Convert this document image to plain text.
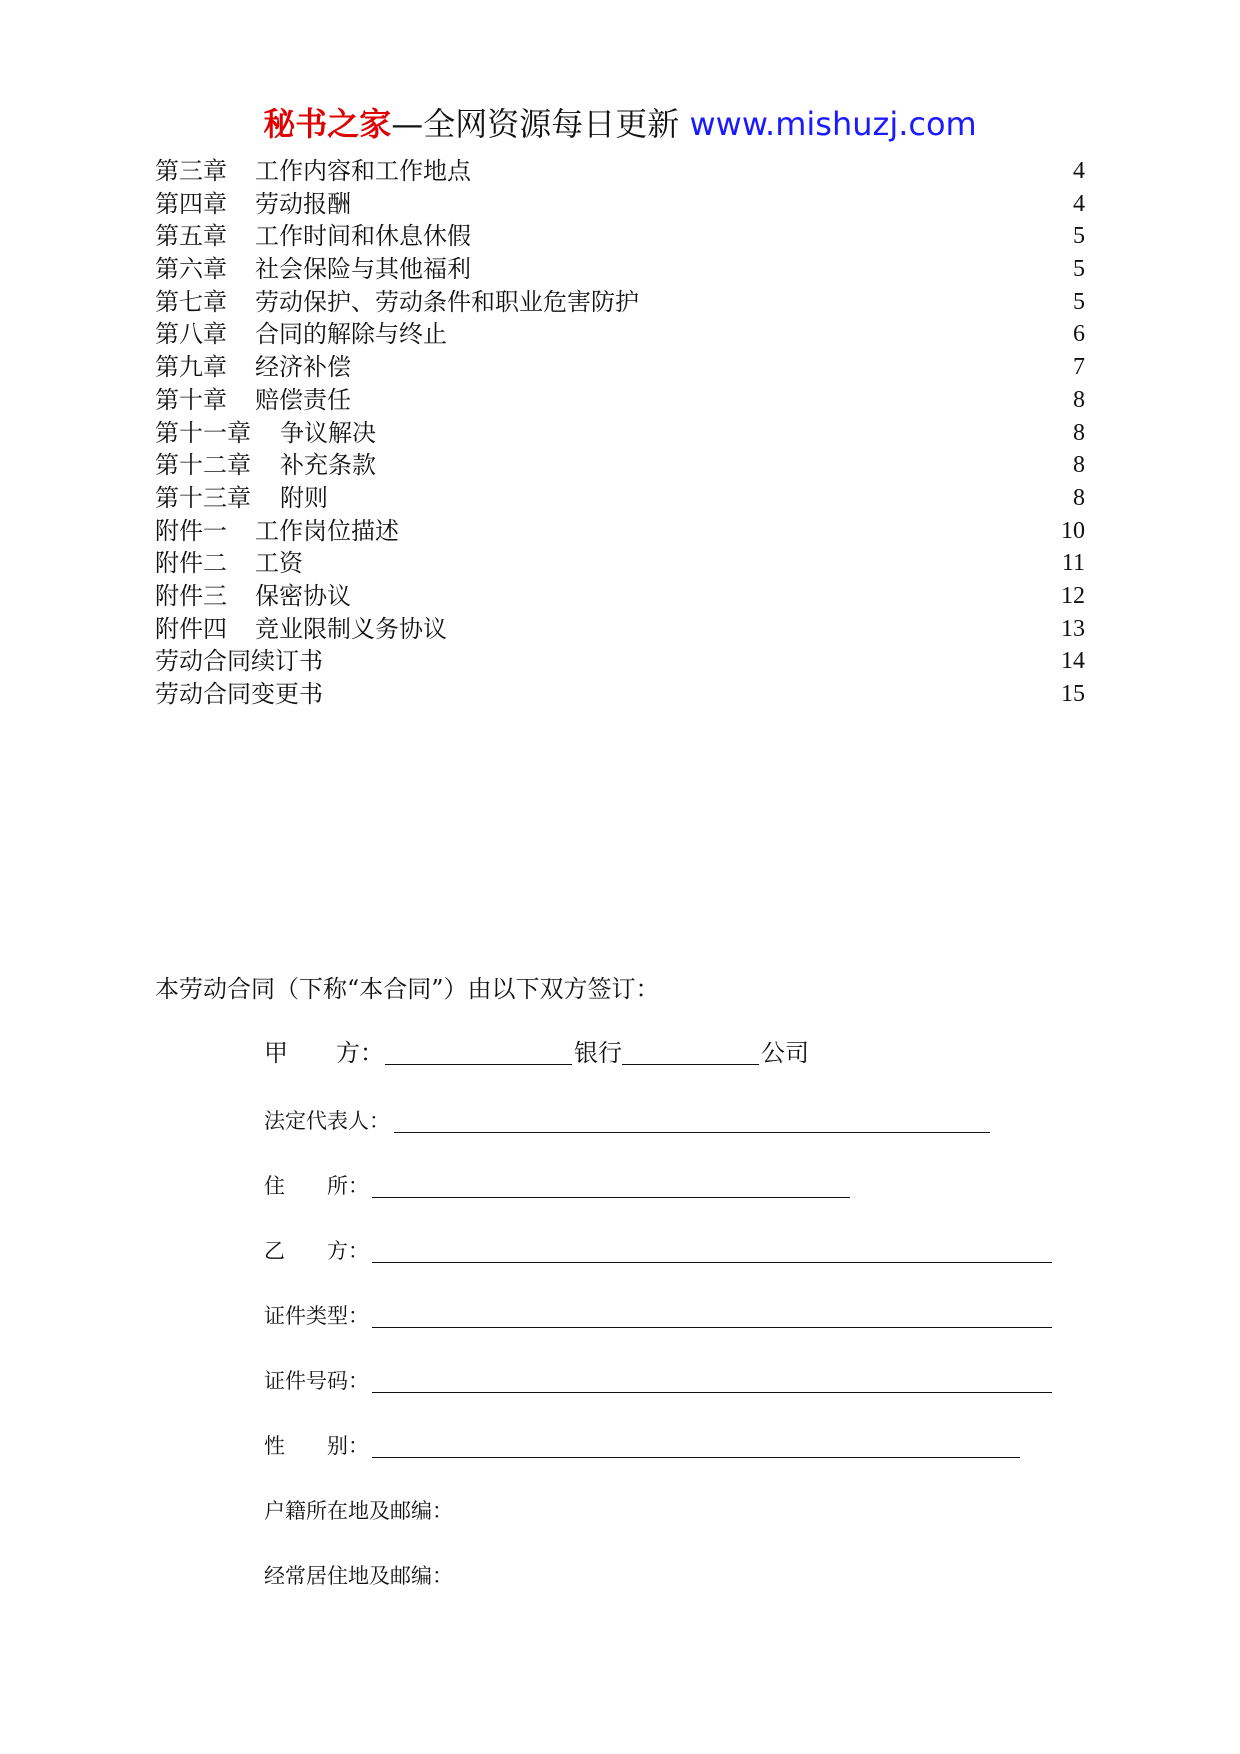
秘书之家—全网资源每日更新 www.mishuzj.com
第三章 工作内容和工作地点	4
第四章 劳动报酬	4
第五章 工作时间和休息休假	5
第六章 社会保险与其他福利	5
第七章 劳动保护、劳动条件和职业危害防护	5
第八章 合同的解除与终止	6
第九章 经济补偿	7
第十章 赔偿责任	8
第十一章 争议解决	8
第十二章 补充条款	8
第十三章 附则	8
附件一 工作岗位描述	10
附件二 工资	11
附件三 保密协议	12
附件四 竞业限制义务协议	13
劳动合同续订书	14
劳动合同变更书	15
本劳动合同（下称“本合同”）由以下双方签订：
甲　　方：	银行	公司
法定代表人：
住　　所：
乙　　方：
证件类型：
证件号码：
性　　别：
户籍所在地及邮编：
经常居住地及邮编：
